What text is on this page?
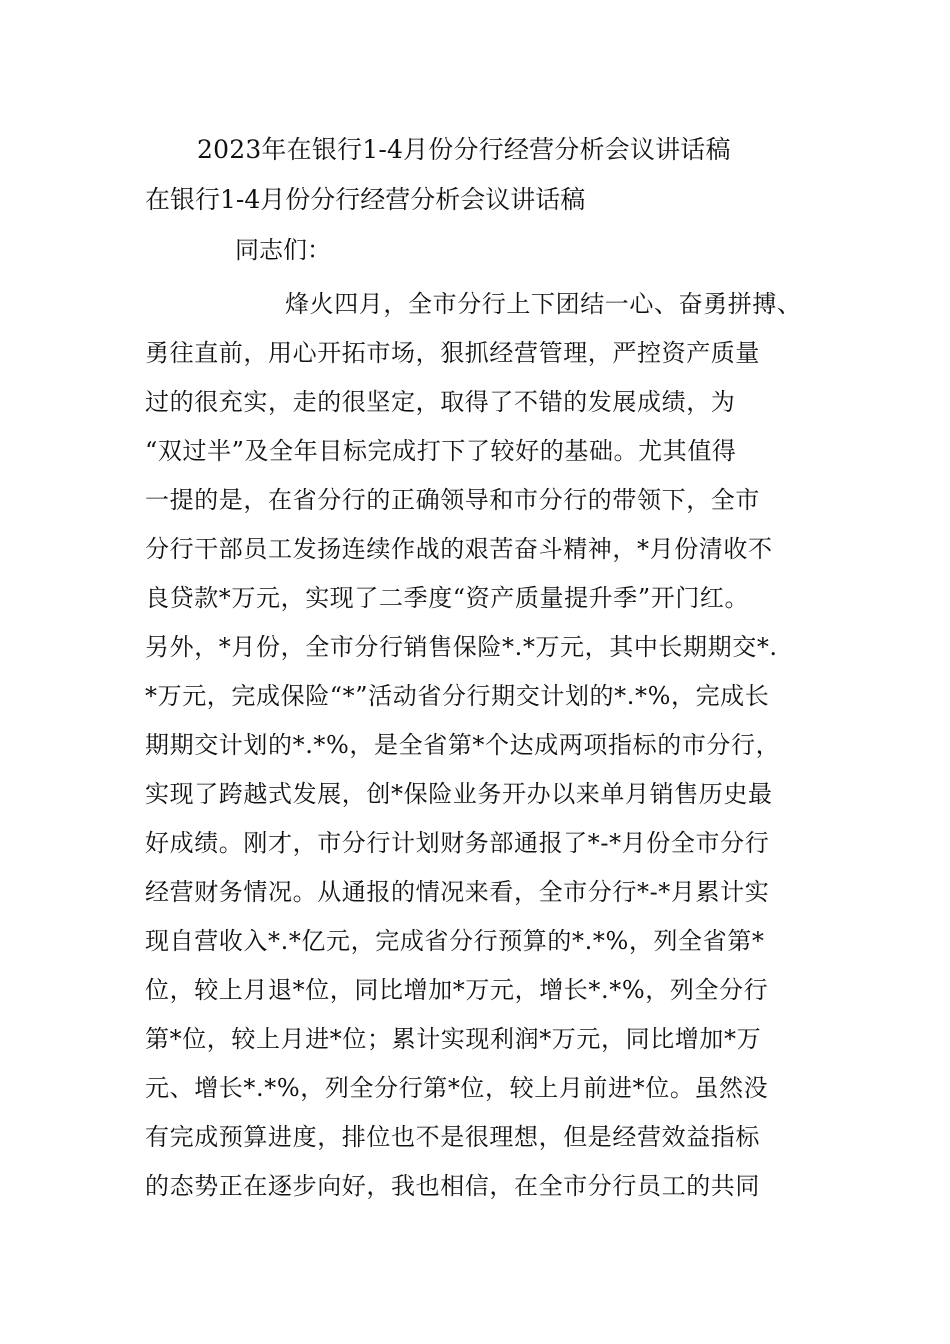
2023年在银行1-4月份分行经营分析会议讲话稿
在银行1-4月份分行经营分析会议讲话稿
同志们：
烽火四月，全市分行上下团结一心、奋勇拼搏、
勇往直前，用心开拓市场，狠抓经营管理，严控资产质量
过的很充实，走的很坚定，取得了不错的发展成绩，为
“双过半”及全年目标完成打下了较好的基础。尤其值得
一提的是，在省分行的正确领导和市分行的带领下，全市
分行干部员工发扬连续作战的艰苦奋斗精神，*月份清收不
良贷款*万元，实现了二季度“资产质量提升季”开门红。
另外，*月份，全市分行销售保险*.*万元，其中长期期交*.
*万元，完成保险“*”活动省分行期交计划的*.*%，完成长
期期交计划的*.*%，是全省第*个达成两项指标的市分行，
实现了跨越式发展，创*保险业务开办以来单月销售历史最
好成绩。刚才，市分行计划财务部通报了*-*月份全市分行
经营财务情况。从通报的情况来看，全市分行*-*月累计实
现自营收入*.*亿元，完成省分行预算的*.*%，列全省第*
位，较上月退*位，同比增加*万元，增长*.*%，列全分行
第*位，较上月进*位；累计实现利润*万元，同比增加*万
元、增长*.*%，列全分行第*位，较上月前进*位。虽然没
有完成预算进度，排位也不是很理想，但是经营效益指标
的态势正在逐步向好，我也相信，在全市分行员工的共同
